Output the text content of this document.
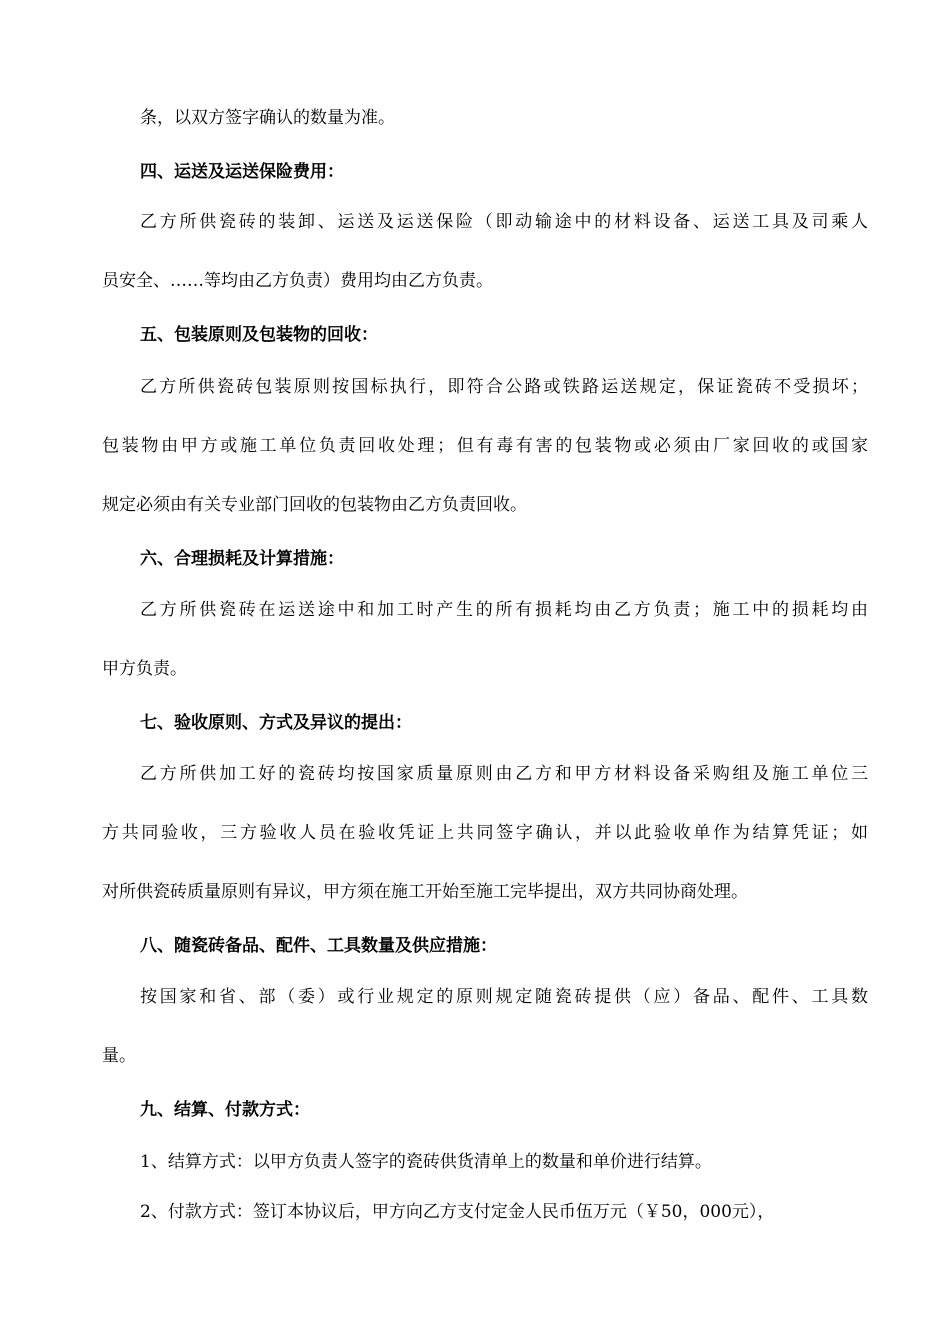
条，以双方签字确认的数量为准。
四、运送及运送保险费用：
乙方所供瓷砖的装卸、运送及运送保险（即动输途中的材料设备、运送工具及司乘人
员安全、……等均由乙方负责）费用均由乙方负责。
五、包装原则及包装物的回收：
乙方所供瓷砖包装原则按国标执行，即符合公路或铁路运送规定，保证瓷砖不受损坏；
包装物由甲方或施工单位负责回收处理；但有毒有害的包装物或必须由厂家回收的或国家
规定必须由有关专业部门回收的包装物由乙方负责回收。
六、合理损耗及计算措施：
乙方所供瓷砖在运送途中和加工时产生的所有损耗均由乙方负责；施工中的损耗均由
甲方负责。
七、验收原则、方式及异议的提出：
乙方所供加工好的瓷砖均按国家质量原则由乙方和甲方材料设备采购组及施工单位三
方共同验收，三方验收人员在验收凭证上共同签字确认，并以此验收单作为结算凭证；如
对所供瓷砖质量原则有异议，甲方须在施工开始至施工完毕提出，双方共同协商处理。
八、随瓷砖备品、配件、工具数量及供应措施：
按国家和省、部（委）或行业规定的原则规定随瓷砖提供（应）备品、配件、工具数
量。
九、结算、付款方式：
1、结算方式：以甲方负责人签字的瓷砖供货清单上的数量和单价进行结算。
2、付款方式：签订本协议后，甲方向乙方支付定金人民币伍万元（￥50，000元），
